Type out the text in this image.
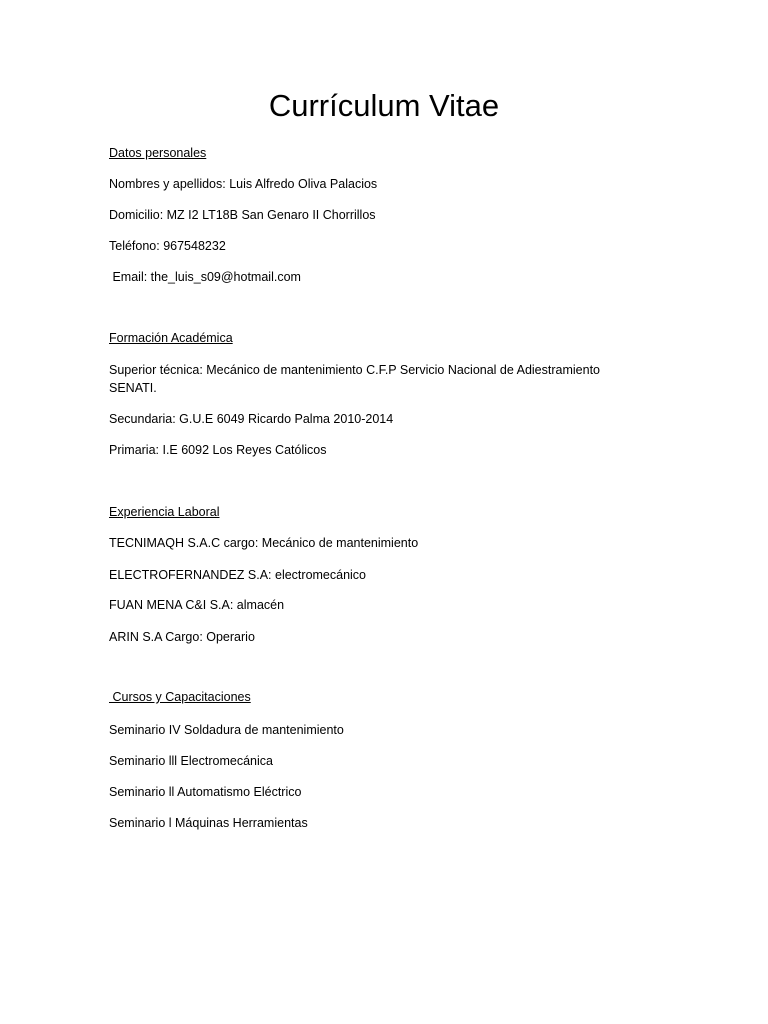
Currículum Vitae

Datos personales

Nombres y apellidos: Luis Alfredo Oliva Palacios

Domicilio: MZ I2 LT18B San Genaro II Chorrillos

Teléfono: 967548232

Email: the_luis_s09@hotmail.com

Formación Académica

Superior técnica: Mecánico de mantenimiento C.F.P Servicio Nacional de Adiestramiento SENATI.

Secundaria: G.U.E 6049 Ricardo Palma 2010-2014

Primaria: I.E 6092 Los Reyes Católicos

Experiencia Laboral

TECNIMAQH S.A.C cargo: Mecánico de mantenimiento

ELECTROFERNANDEZ S.A: electromecánico

FUAN MENA C&I S.A: almacén

ARIN S.A Cargo: Operario

Cursos y Capacitaciones

Seminario IV Soldadura de mantenimiento

Seminario lll Electromecánica

Seminario ll Automatismo Eléctrico

Seminario l Máquinas Herramientas
